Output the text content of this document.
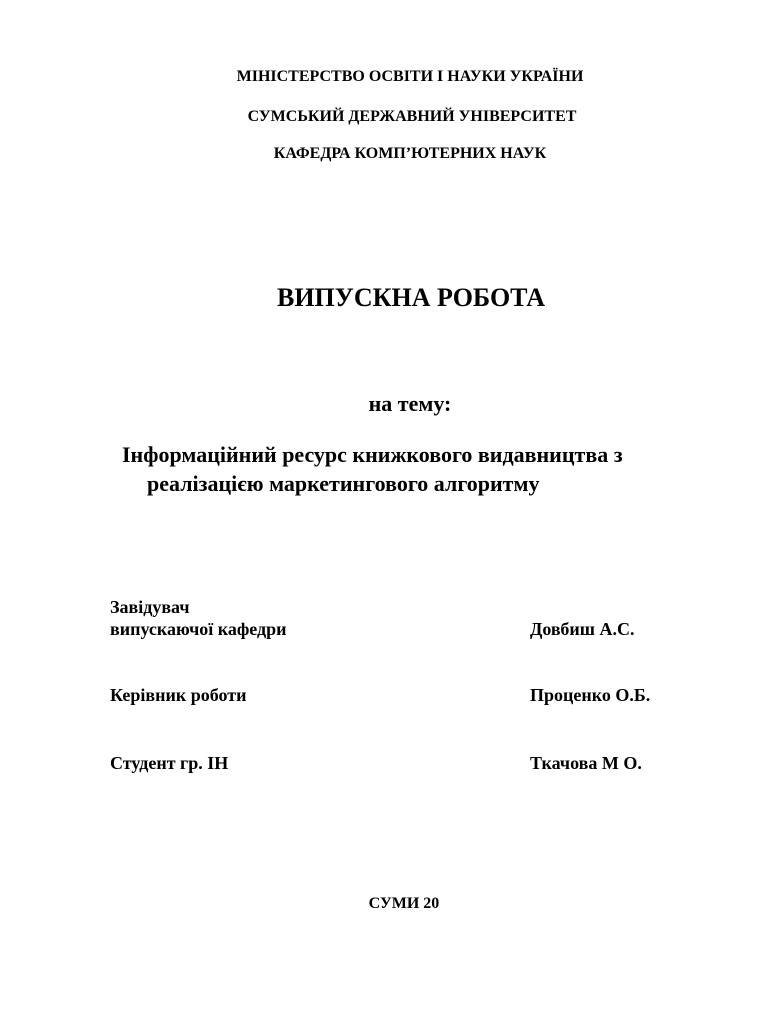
МІНІСТЕРСТВО ОСВІТИ І НАУКИ УКРАЇНИ
СУМСЬКИЙ ДЕРЖАВНИЙ УНІВЕРСИТЕТ
КАФЕДРА КОМП’ЮТЕРНИХ НАУК
ВИПУСКНА РОБОТА
на тему:
Інформаційний ресурс книжкового видавництва з
реалізацією маркетингового алгоритму
Завідувач
випускаючої кафедри	Довбиш А.С.
Керівник роботи	Проценко О.Б.
Студент гр. ІН	Ткачова М О.
СУМИ 20
